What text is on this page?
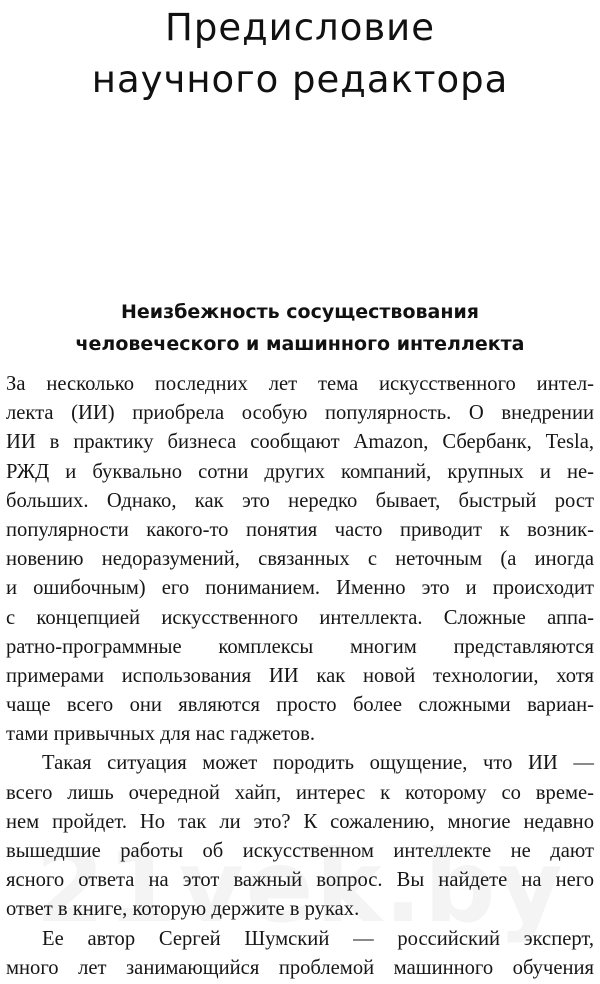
Предисловие
научного редактора
Неизбежность сосуществования
человеческого и машинного интеллекта
За несколько последних лет тема искусственного интел-
лекта (ИИ) приобрела особую популярность. О внедрении
ИИ в практику бизнеса сообщают Amazon, Сбербанк, Tesla,
РЖД и буквально сотни других компаний, крупных и не-
больших. Однако, как это нередко бывает, быстрый рост
популярности какого-то понятия часто приводит к возник-
новению недоразумений, связанных с неточным (а иногда
и ошибочным) его пониманием. Именно это и происходит
с концепцией искусственного интеллекта. Сложные аппа-
ратно-программные комплексы многим представляются
примерами использования ИИ как новой технологии, хотя
чаще всего они являются просто более сложными вариан-
тами привычных для нас гаджетов.
Такая ситуация может породить ощущение, что ИИ —
всего лишь очередной хайп, интерес к которому со време-
нем пройдет. Но так ли это? К сожалению, многие недавно
вышедшие работы об искусственном интеллекте не дают
ясного ответа на этот важный вопрос. Вы найдете на него
ответ в книге, которую держите в руках.
Ее автор Сергей Шумский — российский эксперт,
много лет занимающийся проблемой машинного обучения
